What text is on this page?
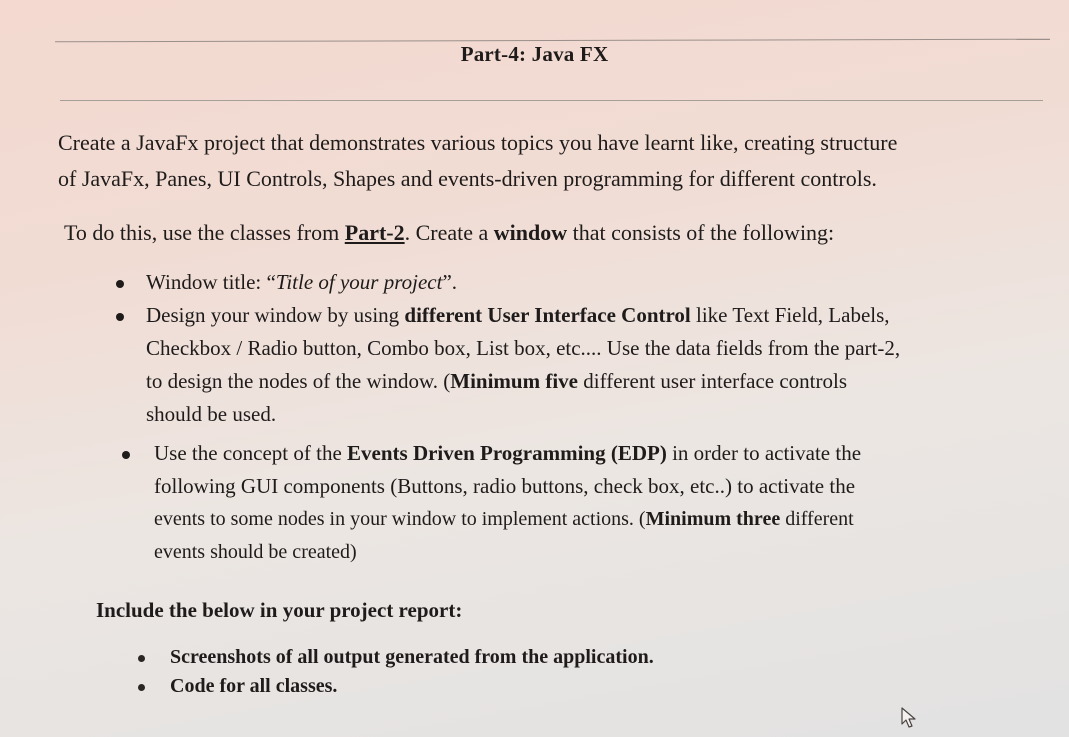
Part-4: Java FX
Create a JavaFx project that demonstrates various topics you have learnt like, creating structure
of JavaFx, Panes, UI Controls, Shapes and events-driven programming for different controls.
To do this, use the classes from Part-2. Create a window that consists of the following:
Window title: “Title of your project”.
Design your window by using different User Interface Control like Text Field, Labels,
Checkbox / Radio button, Combo box, List box, etc.... Use the data fields from the part-2,
to design the nodes of the window. (Minimum five different user interface controls
should be used.
Use the concept of the Events Driven Programming (EDP) in order to activate the
following GUI components (Buttons, radio buttons, check box, etc..) to activate the
events to some nodes in your window to implement actions. (Minimum three different
events should be created)
Include the below in your project report:
Screenshots of all output generated from the application.
Code for all classes.
